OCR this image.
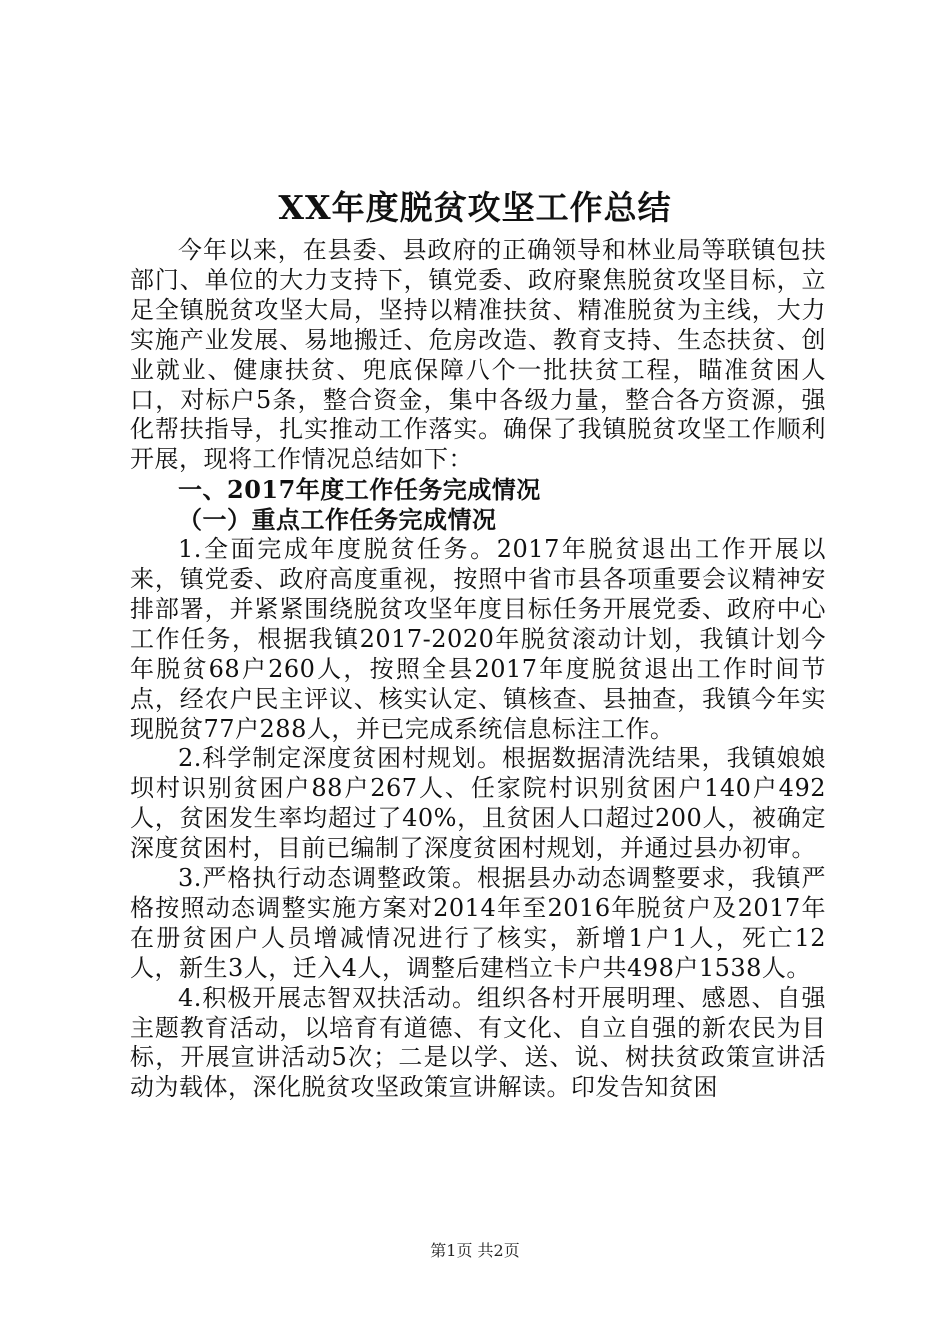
XX年度脱贫攻坚工作总结

今年以来，在县委、县政府的正确领导和林业局等联镇包扶部门、单位的大力支持下，镇党委、政府聚焦脱贫攻坚目标，立足全镇脱贫攻坚大局，坚持以精准扶贫、精准脱贫为主线，大力实施产业发展、易地搬迁、危房改造、教育支持、生态扶贫、创业就业、健康扶贫、兜底保障八个一批扶贫工程，瞄准贫困人口，对标户5条，整合资金，集中各级力量，整合各方资源，强化帮扶指导，扎实推动工作落实。确保了我镇脱贫攻坚工作顺利开展，现将工作情况总结如下：

一、2017年度工作任务完成情况

（一）重点工作任务完成情况

1.全面完成年度脱贫任务。2017年脱贫退出工作开展以来，镇党委、政府高度重视，按照中省市县各项重要会议精神安排部署，并紧紧围绕脱贫攻坚年度目标任务开展党委、政府中心工作任务，根据我镇2017-2020年脱贫滚动计划，我镇计划今年脱贫68户260人，按照全县2017年度脱贫退出工作时间节点，经农户民主评议、核实认定、镇核查、县抽查，我镇今年实现脱贫77户288人，并已完成系统信息标注工作。

2.科学制定深度贫困村规划。根据数据清洗结果，我镇娘娘坝村识别贫困户88户267人、任家院村识别贫困户140户492人，贫困发生率均超过了40%，且贫困人口超过200人，被确定深度贫困村，目前已编制了深度贫困村规划，并通过县办初审。

3.严格执行动态调整政策。根据县办动态调整要求，我镇严格按照动态调整实施方案对2014年至2016年脱贫户及2017年在册贫困户人员增减情况进行了核实，新增1户1人，死亡12人，新生3人，迁入4人，调整后建档立卡户共498户1538人。

4.积极开展志智双扶活动。组织各村开展明理、感恩、自强主题教育活动，以培育有道德、有文化、自立自强的新农民为目标，开展宣讲活动5次；二是以学、送、说、树扶贫政策宣讲活动为载体，深化脱贫攻坚政策宣讲解读。印发告知贫困

第1页 共2页
